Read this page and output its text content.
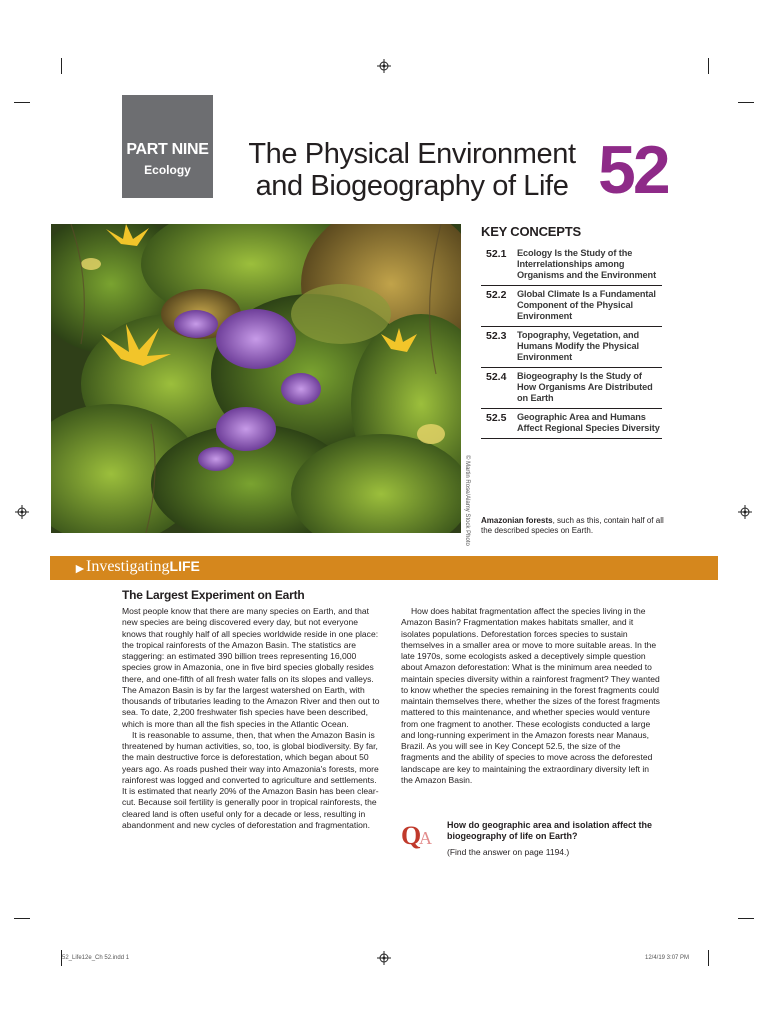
PART NINE
Ecology	The Physical Environment
and Biogeography of Life 52
© Martin Rose/Alamy Stock Photo
KEY CONCEPTS
52.1 Ecology Is the Study of the Interrelationships among Organisms and the Environment
52.2 Global Climate Is a Fundamental Component of the Physical Environment
52.3 Topography, Vegetation, and Humans Modify the Physical Environment
52.4 Biogeography Is the Study of How Organisms Are Distributed on Earth
52.5 Geographic Area and Humans Affect Regional Species Diversity
Amazonian forests, such as this, contain half of all the described species on Earth.
► InvestigatingLIFE
The Largest Experiment on Earth

Most people know that there are many species on Earth, and that new species are being discovered every day, but not everyone knows that roughly half of all species worldwide reside in one place: the tropical rainforests of the Amazon Basin. The statistics are staggering: an estimated 390 billion trees representing 16,000 species grow in Amazonia, one in five bird species globally resides there, and one-fifth of all fresh water falls on its slopes and valleys. The Amazon Basin is by far the largest watershed on Earth, with thousands of tributaries leading to the Amazon River and then out to sea. To date, 2,200 freshwater fish species have been described, which is more than all the fish species in the Atlantic Ocean.

It is reasonable to assume, then, that when the Amazon Basin is threatened by human activities, so, too, is global biodiversity. By far, the main destructive force is deforestation, which began about 50 years ago. As roads pushed their way into Amazonia's forests, more rainforest was logged and converted to agriculture and settlements. It is estimated that nearly 20% of the Amazon Basin has been clear-cut. Because soil fertility is generally poor in tropical rainforests, the cleared land is often useful only for a decade or less, resulting in abandonment and new cycles of deforestation and fragmentation.

How does habitat fragmentation affect the species living in the Amazon Basin? Fragmentation makes habitats smaller, and it isolates populations. Deforestation forces species to sustain themselves in a smaller area or move to more suitable areas. In the late 1970s, some ecologists asked a deceptively simple question about Amazon deforestation: What is the minimum area needed to maintain species diversity within a rainforest fragment? They wanted to know whether the species remaining in the forest fragments could maintain themselves there, whether the sizes of the forest fragments mattered to this maintenance, and whether species would venture from one fragment to another. These ecologists conducted a large and long-running experiment in the Amazon forests near Manaus, Brazil. As you will see in Key Concept 52.5, the size of the fragments and the ability of species to move across the deforested landscape are key to maintaining the extraordinary diversity left in the Amazon Basin.

Q
A
How do geographic area and isolation affect the biogeography of life on Earth?
(Find the answer on page 1194.)
52_Life12e_Ch 52.indd 1	12/4/19 3:07 PM
